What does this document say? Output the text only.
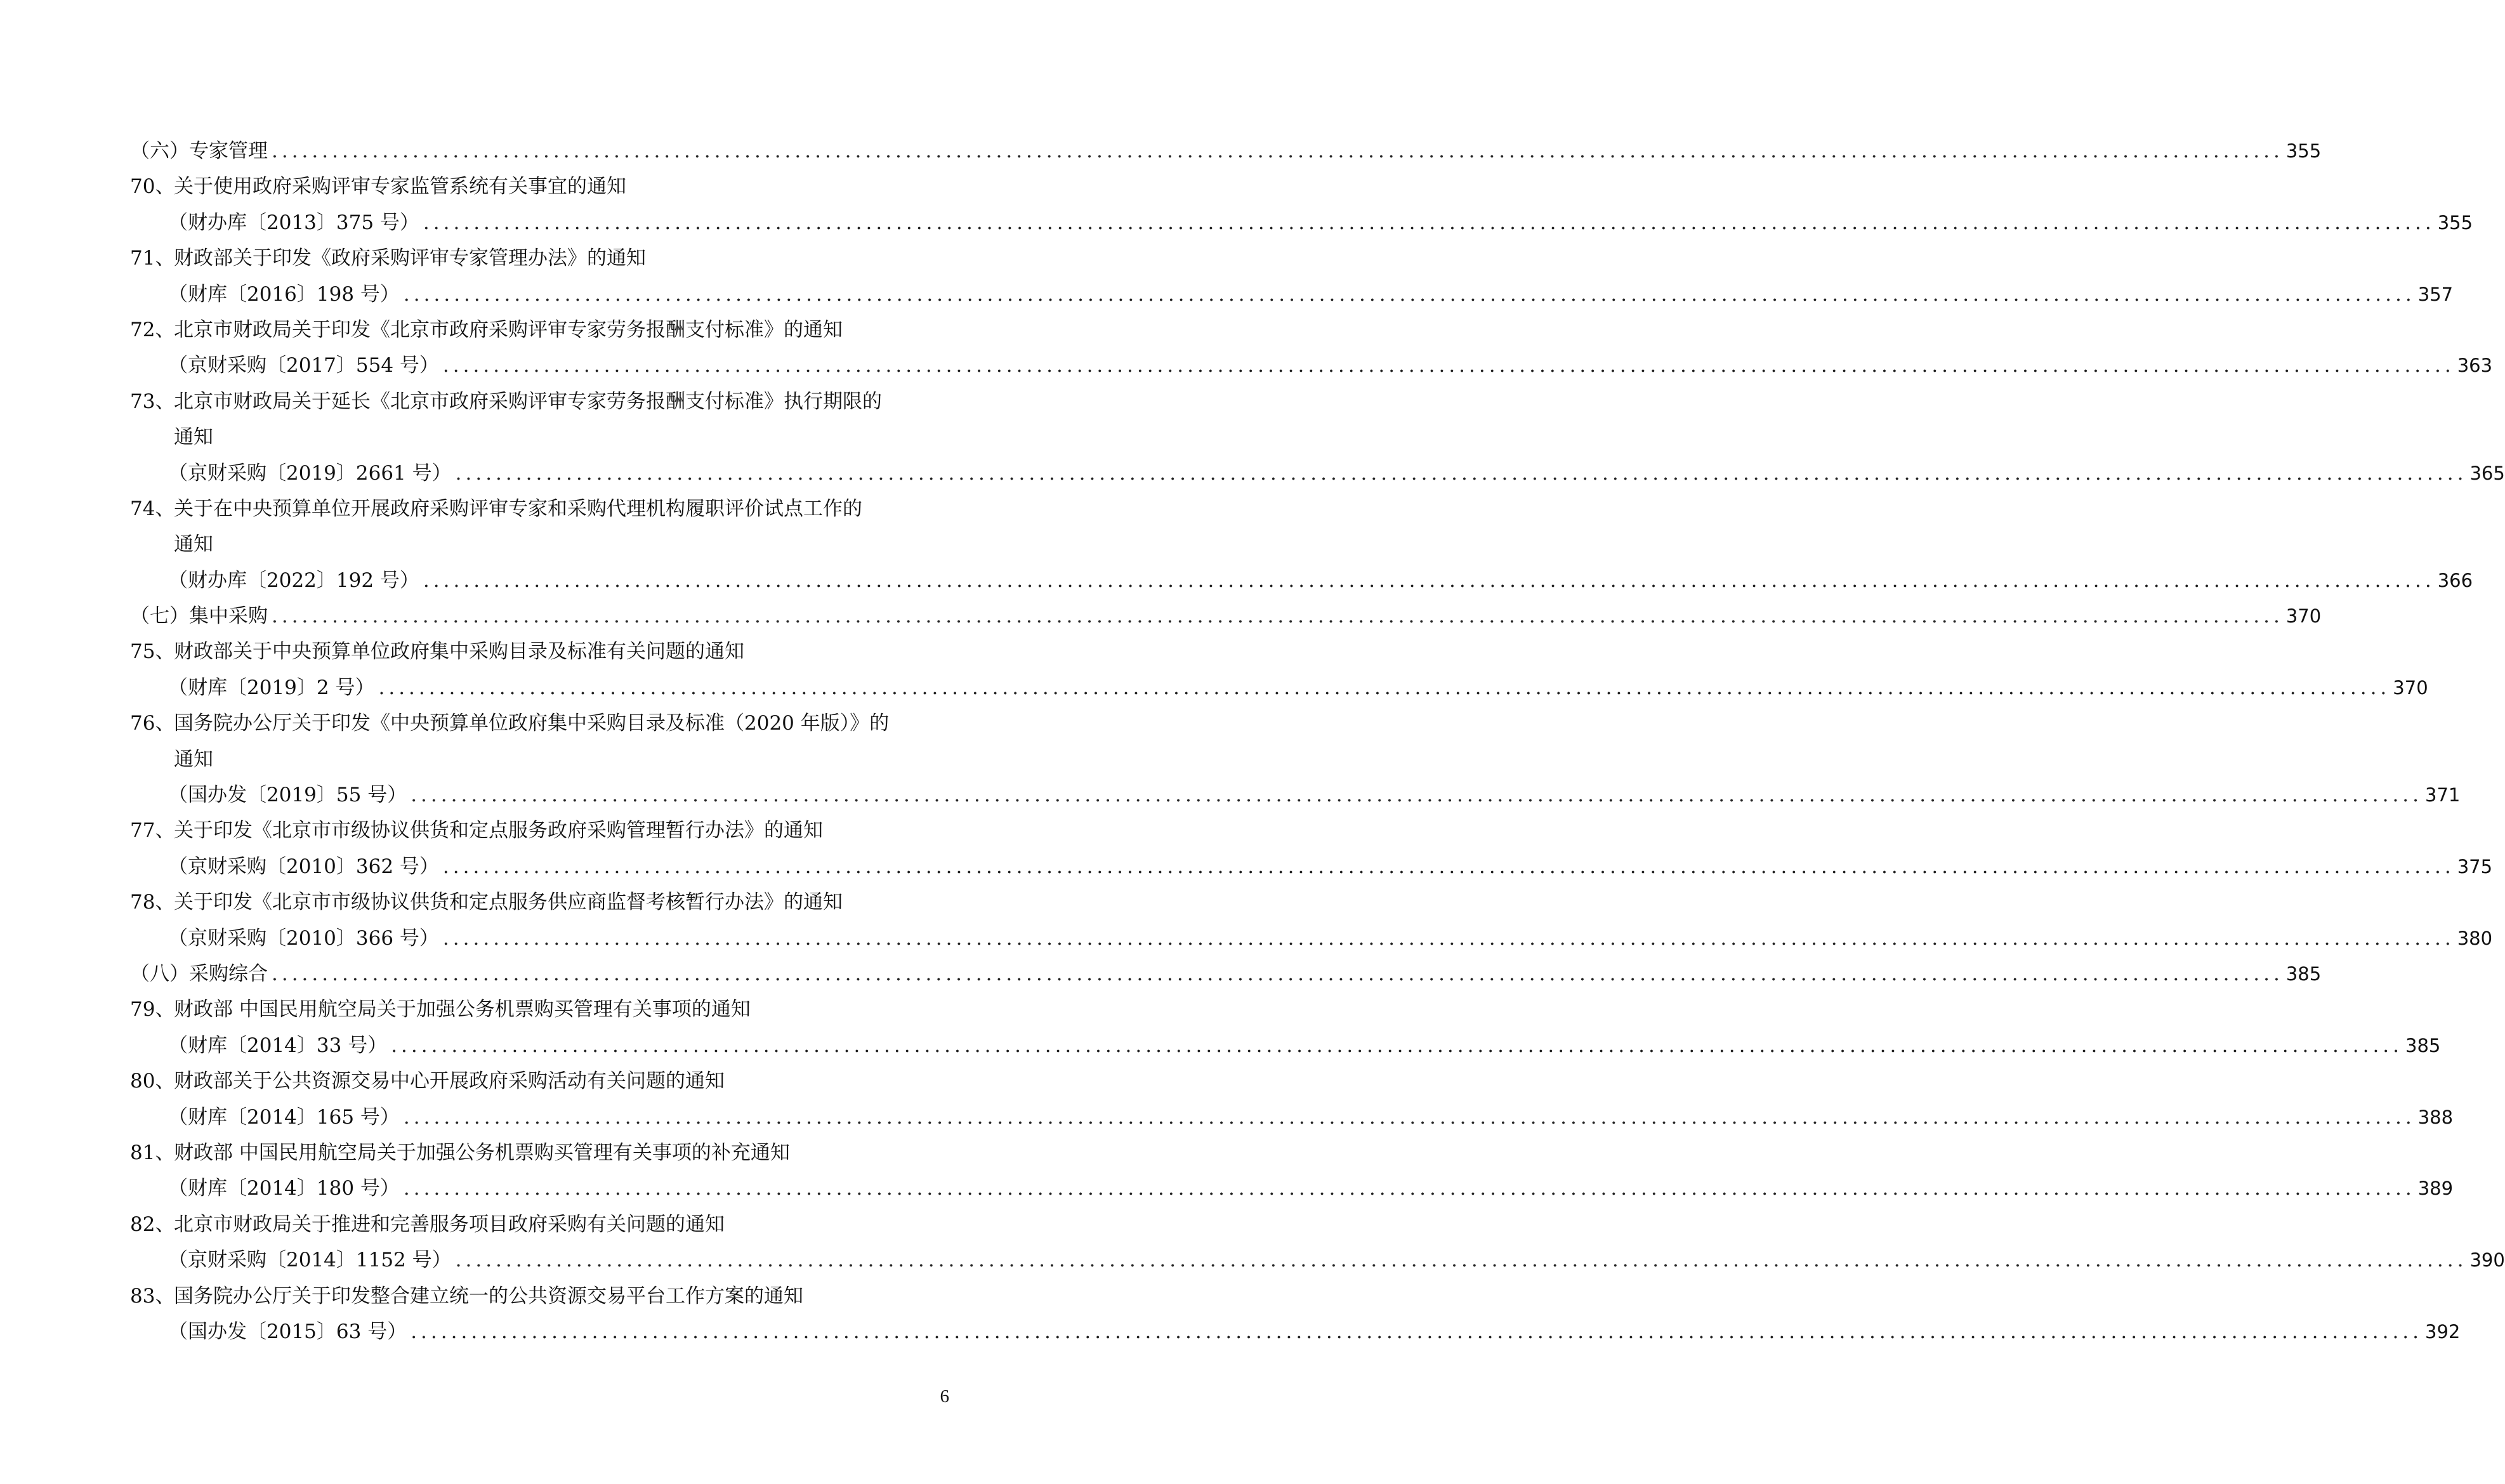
（六）专家管理 ........................................................................................................................................................................................................ 355
70、
关于使用政府采购评审专家监管系统有关事宜的通知
（财办库〔2013〕375 号） ........................................................................................................................................................................................................ 355
71、
财政部关于印发《政府采购评审专家管理办法》的通知
（财库〔2016〕198 号） ........................................................................................................................................................................................................ 357
72、
北京市财政局关于印发《北京市政府采购评审专家劳务报酬支付标准》的通知
（京财采购〔2017〕554 号） ........................................................................................................................................................................................................ 363
73、
北京市财政局关于延长《北京市政府采购评审专家劳务报酬支付标准》执行期限的
通知
（京财采购〔2019〕2661 号） ........................................................................................................................................................................................................ 365
74、
关于在中央预算单位开展政府采购评审专家和采购代理机构履职评价试点工作的
通知
（财办库〔2022〕192 号） ........................................................................................................................................................................................................ 366
（七）集中采购 ........................................................................................................................................................................................................ 370
75、
财政部关于中央预算单位政府集中采购目录及标准有关问题的通知
（财库〔2019〕2 号） ........................................................................................................................................................................................................ 370
76、
国务院办公厅关于印发《中央预算单位政府集中采购目录及标准（2020 年版）》的
通知
（国办发〔2019〕55 号） ........................................................................................................................................................................................................ 371
77、
关于印发《北京市市级协议供货和定点服务政府采购管理暂行办法》的通知
（京财采购〔2010〕362 号） ........................................................................................................................................................................................................ 375
78、
关于印发《北京市市级协议供货和定点服务供应商监督考核暂行办法》的通知
（京财采购〔2010〕366 号） ........................................................................................................................................................................................................ 380
（八）采购综合 ........................................................................................................................................................................................................ 385
79、
财政部 中国民用航空局关于加强公务机票购买管理有关事项的通知
（财库〔2014〕33 号） ........................................................................................................................................................................................................ 385
80、
财政部关于公共资源交易中心开展政府采购活动有关问题的通知
（财库〔2014〕165 号） ........................................................................................................................................................................................................ 388
81、
财政部 中国民用航空局关于加强公务机票购买管理有关事项的补充通知
（财库〔2014〕180 号） ........................................................................................................................................................................................................ 389
82、
北京市财政局关于推进和完善服务项目政府采购有关问题的通知
（京财采购〔2014〕1152 号） ........................................................................................................................................................................................................ 390
83、
国务院办公厅关于印发整合建立统一的公共资源交易平台工作方案的通知
（国办发〔2015〕63 号） ........................................................................................................................................................................................................ 392
6
